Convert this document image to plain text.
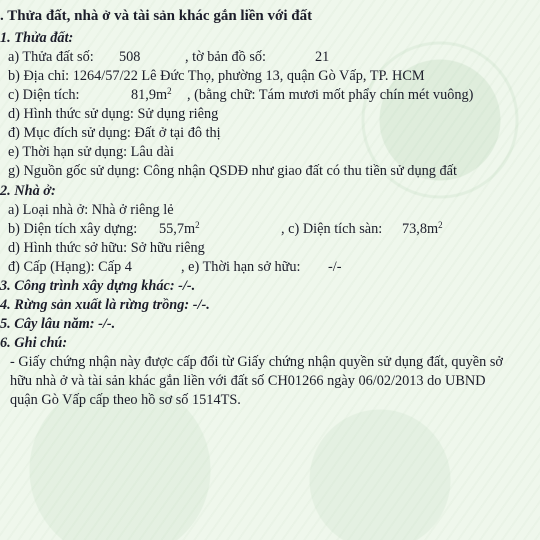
. Thửa đất, nhà ở và tài sản khác gắn liền với đất
1. Thửa đất:
a) Thửa đất số: 508	, tờ bản đồ số:	21
b) Địa chỉ: 1264/57/22 Lê Đức Thọ, phường 13, quận Gò Vấp, TP. HCM
c) Diện tích:	$81,9m^2$ , (bằng chữ: Tám mươi mốt phẩy chín mét vuông)
d) Hình thức sử dụng: Sử dụng riêng
đ) Mục đích sử dụng: Đất ở tại đô thị
e) Thời hạn sử dụng: Lâu dài
g) Nguồn gốc sử dụng: Công nhận QSDĐ như giao đất có thu tiền sử dụng đất
2. Nhà ở:
a) Loại nhà ở: Nhà ở riêng lẻ
b) Diện tích xây dựng: $55,7m^2$	, c) Diện tích sàn: $73,8m^2$
d) Hình thức sở hữu: Sở hữu riêng
đ) Cấp (Hạng): Cấp 4	, e) Thời hạn sở hữu: -/-
3. Công trình xây dựng khác: -/-.
4. Rừng sản xuất là rừng trồng: -/-.
5. Cây lâu năm: -/-.
6. Ghi chú:
- Giấy chứng nhận này được cấp đổi từ Giấy chứng nhận quyền sử dụng đất, quyền sở
hữu nhà ở và tài sản khác gắn liền với đất số CH01266 ngày 06/02/2013 do UBND
quận Gò Vấp cấp theo hồ sơ số 1514TS.
